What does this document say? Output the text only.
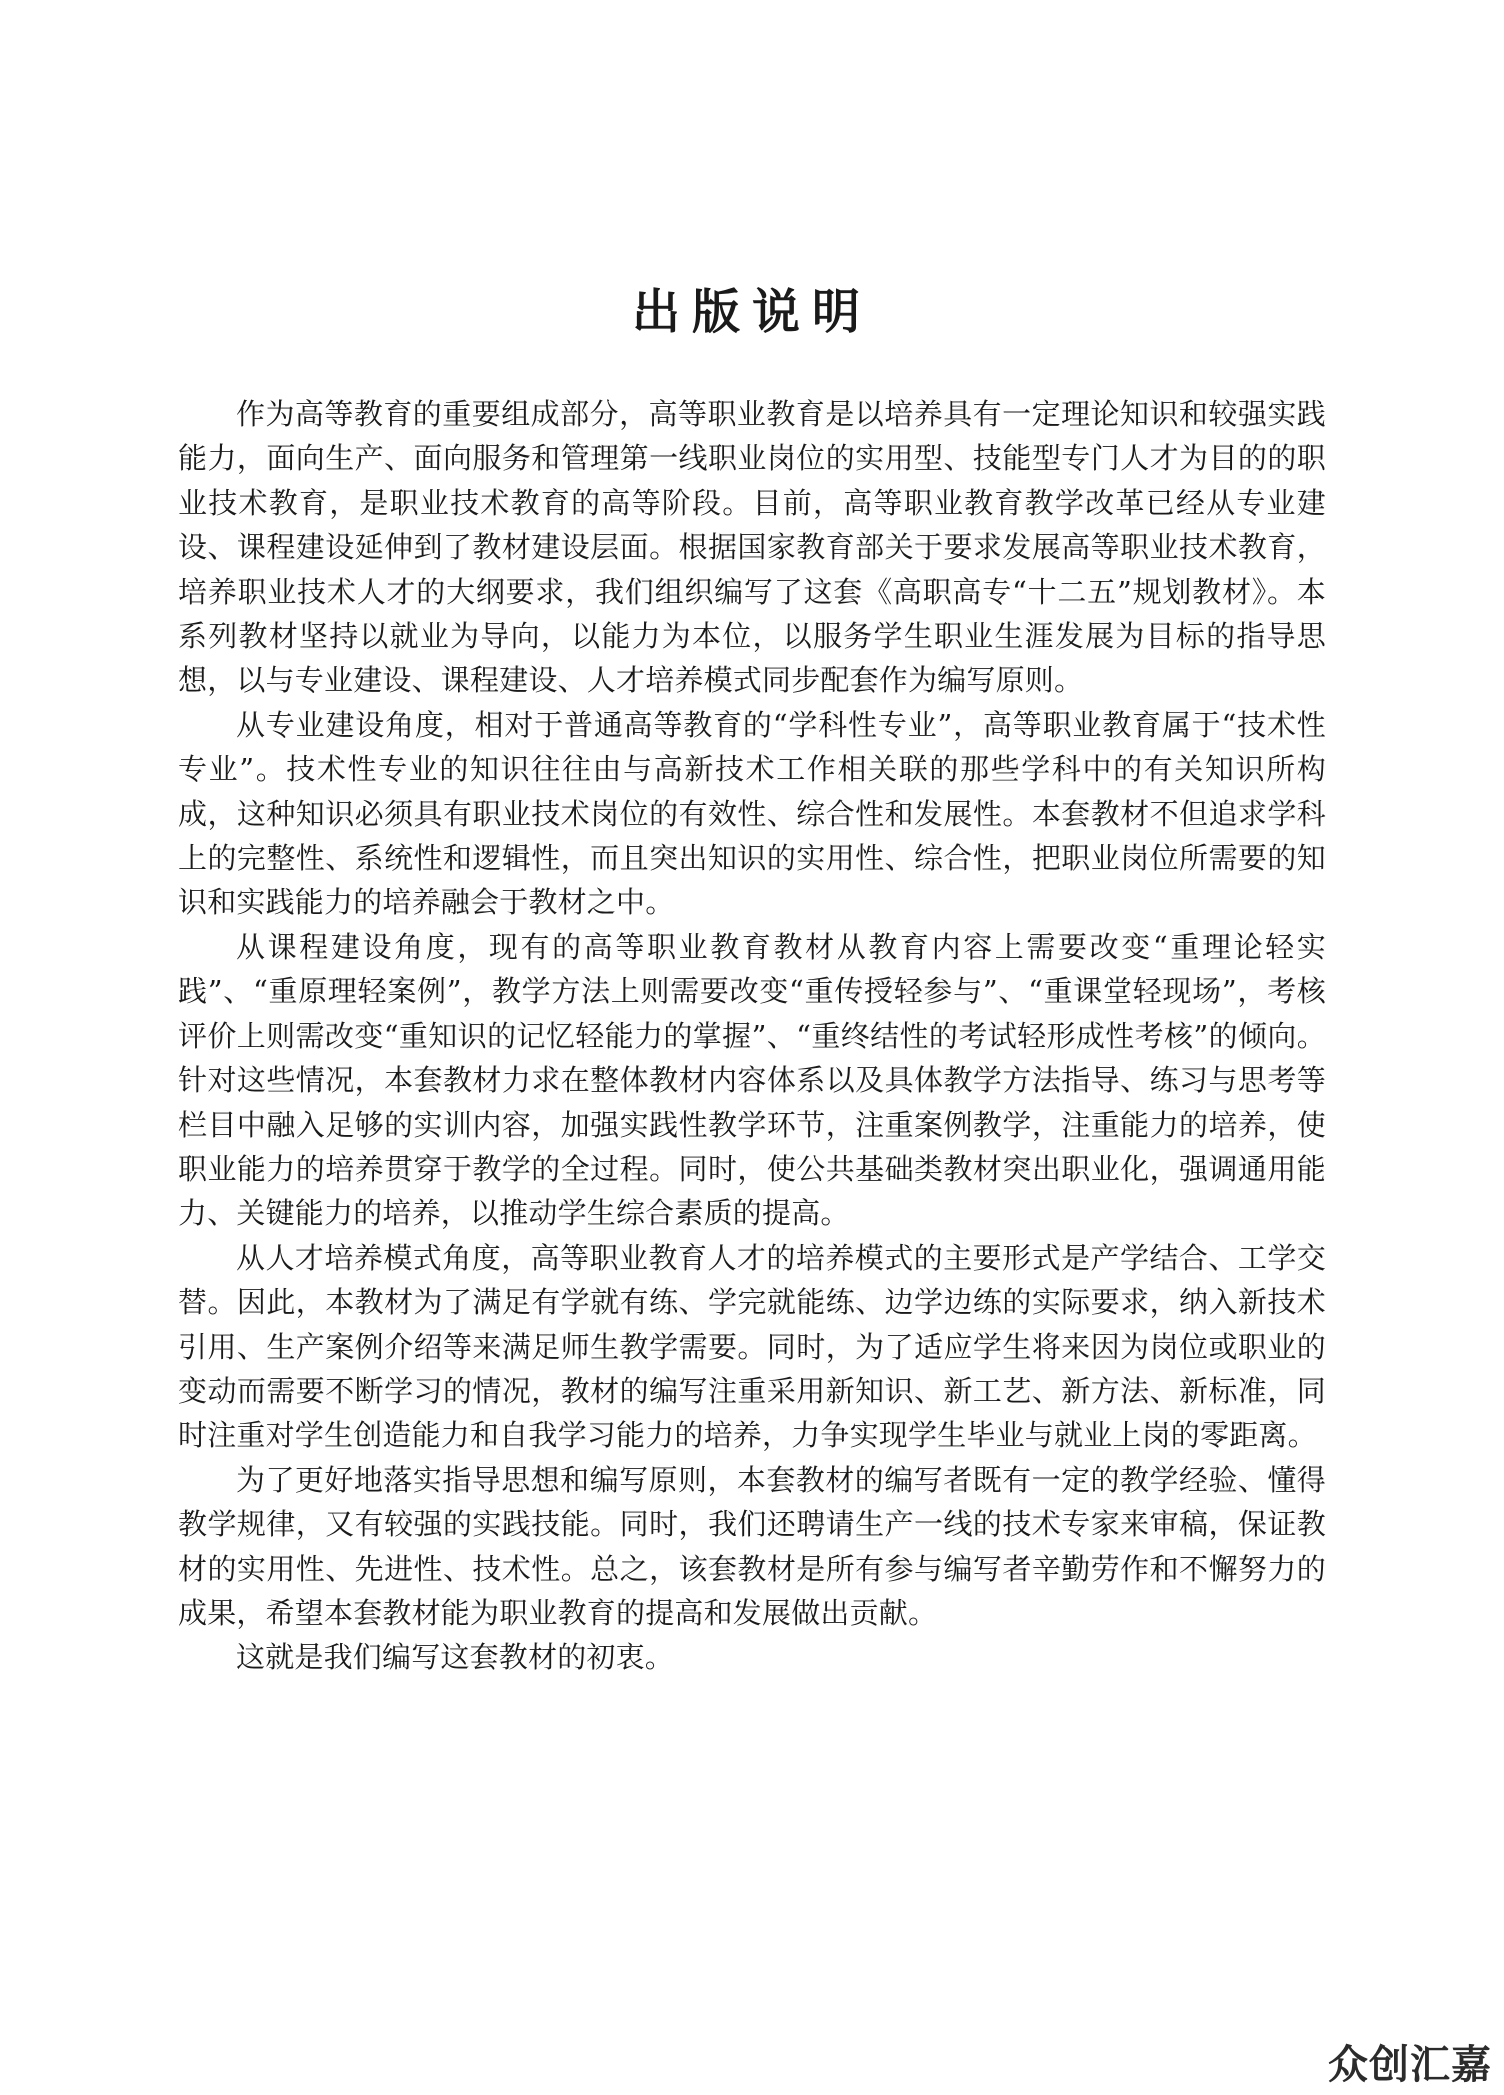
出版说明

作为高等教育的重要组成部分，高等职业教育是以培养具有一定理论知识和较强实践能力，面向生产、面向服务和管理第一线职业岗位的实用型、技能型专门人才为目的的职业技术教育，是职业技术教育的高等阶段。目前，高等职业教育教学改革已经从专业建设、课程建设延伸到了教材建设层面。根据国家教育部关于要求发展高等职业技术教育，培养职业技术人才的大纲要求，我们组织编写了这套《高职高专“十二五”规划教材》。本系列教材坚持以就业为导向，以能力为本位，以服务学生职业生涯发展为目标的指导思想，以与专业建设、课程建设、人才培养模式同步配套作为编写原则。

从专业建设角度，相对于普通高等教育的“学科性专业”，高等职业教育属于“技术性专业”。技术性专业的知识往往由与高新技术工作相关联的那些学科中的有关知识所构成，这种知识必须具有职业技术岗位的有效性、综合性和发展性。本套教材不但追求学科上的完整性、系统性和逻辑性，而且突出知识的实用性、综合性，把职业岗位所需要的知识和实践能力的培养融会于教材之中。

从课程建设角度，现有的高等职业教育教材从教育内容上需要改变“重理论轻实践”、“重原理轻案例”，教学方法上则需要改变“重传授轻参与”、“重课堂轻现场”，考核评价上则需改变“重知识的记忆轻能力的掌握”、“重终结性的考试轻形成性考核”的倾向。针对这些情况，本套教材力求在整体教材内容体系以及具体教学方法指导、练习与思考等栏目中融入足够的实训内容，加强实践性教学环节，注重案例教学，注重能力的培养，使职业能力的培养贯穿于教学的全过程。同时，使公共基础类教材突出职业化，强调通用能力、关键能力的培养，以推动学生综合素质的提高。

从人才培养模式角度，高等职业教育人才的培养模式的主要形式是产学结合、工学交替。因此，本教材为了满足有学就有练、学完就能练、边学边练的实际要求，纳入新技术引用、生产案例介绍等来满足师生教学需要。同时，为了适应学生将来因为岗位或职业的变动而需要不断学习的情况，教材的编写注重采用新知识、新工艺、新方法、新标准，同时注重对学生创造能力和自我学习能力的培养，力争实现学生毕业与就业上岗的零距离。

为了更好地落实指导思想和编写原则，本套教材的编写者既有一定的教学经验、懂得教学规律，又有较强的实践技能。同时，我们还聘请生产一线的技术专家来审稿，保证教材的实用性、先进性、技术性。总之，该套教材是所有参与编写者辛勤劳作和不懈努力的成果，希望本套教材能为职业教育的提高和发展做出贡献。

这就是我们编写这套教材的初衷。

众创汇嘉
